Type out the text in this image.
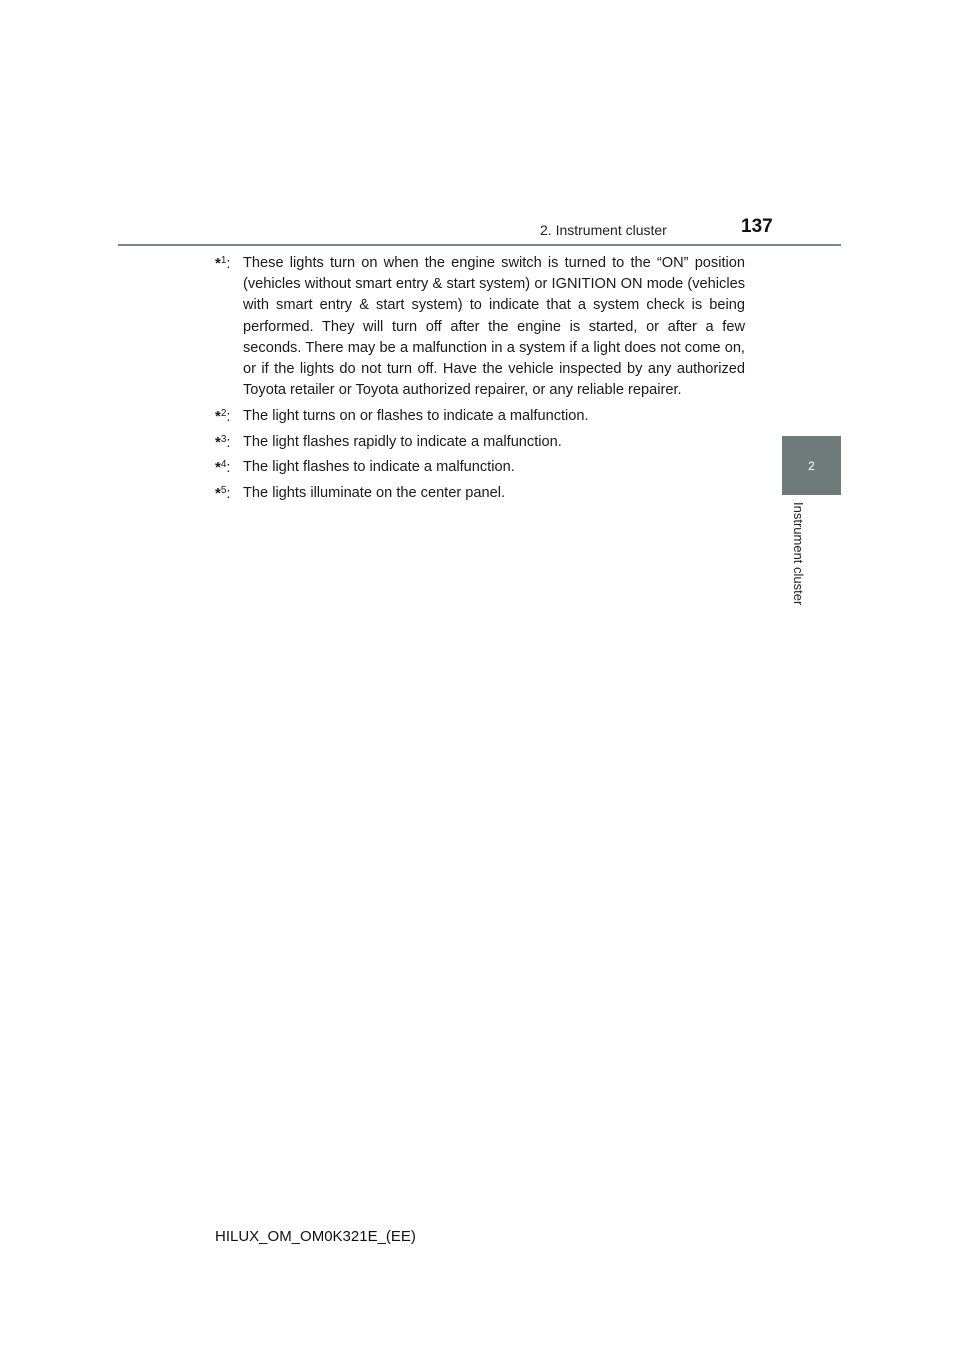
2. Instrument cluster	137
2
Instrument cluster
*$^1$: These lights turn on when the engine switch is turned to the “ON” position (vehicles without smart entry & start system) or IGNITION ON mode (vehicles with smart entry & start system) to indicate that a system check is being performed. They will turn off after the engine is started, or after a few seconds. There may be a malfunction in a system if a light does not come on, or if the lights do not turn off. Have the vehicle inspected by any authorized Toyota retailer or Toyota authorized repairer, or any reliable repairer.
*$^2$: The light turns on or flashes to indicate a malfunction.
*$^3$: The light flashes rapidly to indicate a malfunction.
*$^4$: The light flashes to indicate a malfunction.
*$^5$: The lights illuminate on the center panel.
HILUX_OM_OM0K321E_(EE)
